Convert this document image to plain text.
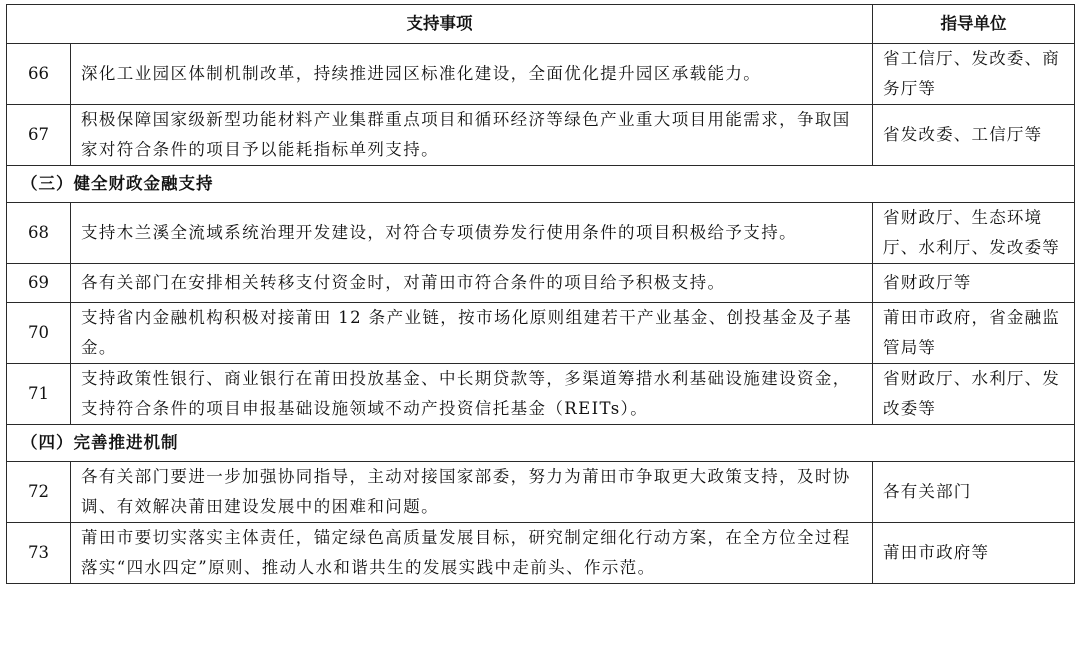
支持事项		指导单位
66	深化工业园区体制机制改革，持续推进园区标准化建设，全面优化提升园区承载能力。	省工信厅、发改委、商务厅等
67	积极保障国家级新型功能材料产业集群重点项目和循环经济等绿色产业重大项目用能需求，争取国家对符合条件的项目予以能耗指标单列支持。	省发改委、工信厅等
（三）健全财政金融支持		
68	支持木兰溪全流域系统治理开发建设，对符合专项债券发行使用条件的项目积极给予支持。	省财政厅、生态环境厅、水利厅、发改委等
69	各有关部门在安排相关转移支付资金时，对莆田市符合条件的项目给予积极支持。	省财政厅等
70	支持省内金融机构积极对接莆田 12 条产业链，按市场化原则组建若干产业基金、创投基金及子基金。	莆田市政府，省金融监管局等
71	支持政策性银行、商业银行在莆田投放基金、中长期贷款等，多渠道筹措水利基础设施建设资金，支持符合条件的项目申报基础设施领域不动产投资信托基金（REITs）。	省财政厅、水利厅、发改委等
（四）完善推进机制		
72	各有关部门要进一步加强协同指导，主动对接国家部委，努力为莆田市争取更大政策支持，及时协调、有效解决莆田建设发展中的困难和问题。	各有关部门
73	莆田市要切实落实主体责任，锚定绿色高质量发展目标，研究制定细化行动方案，在全方位全过程落实“四水四定”原则、推动人水和谐共生的发展实践中走前头、作示范。	莆田市政府等
